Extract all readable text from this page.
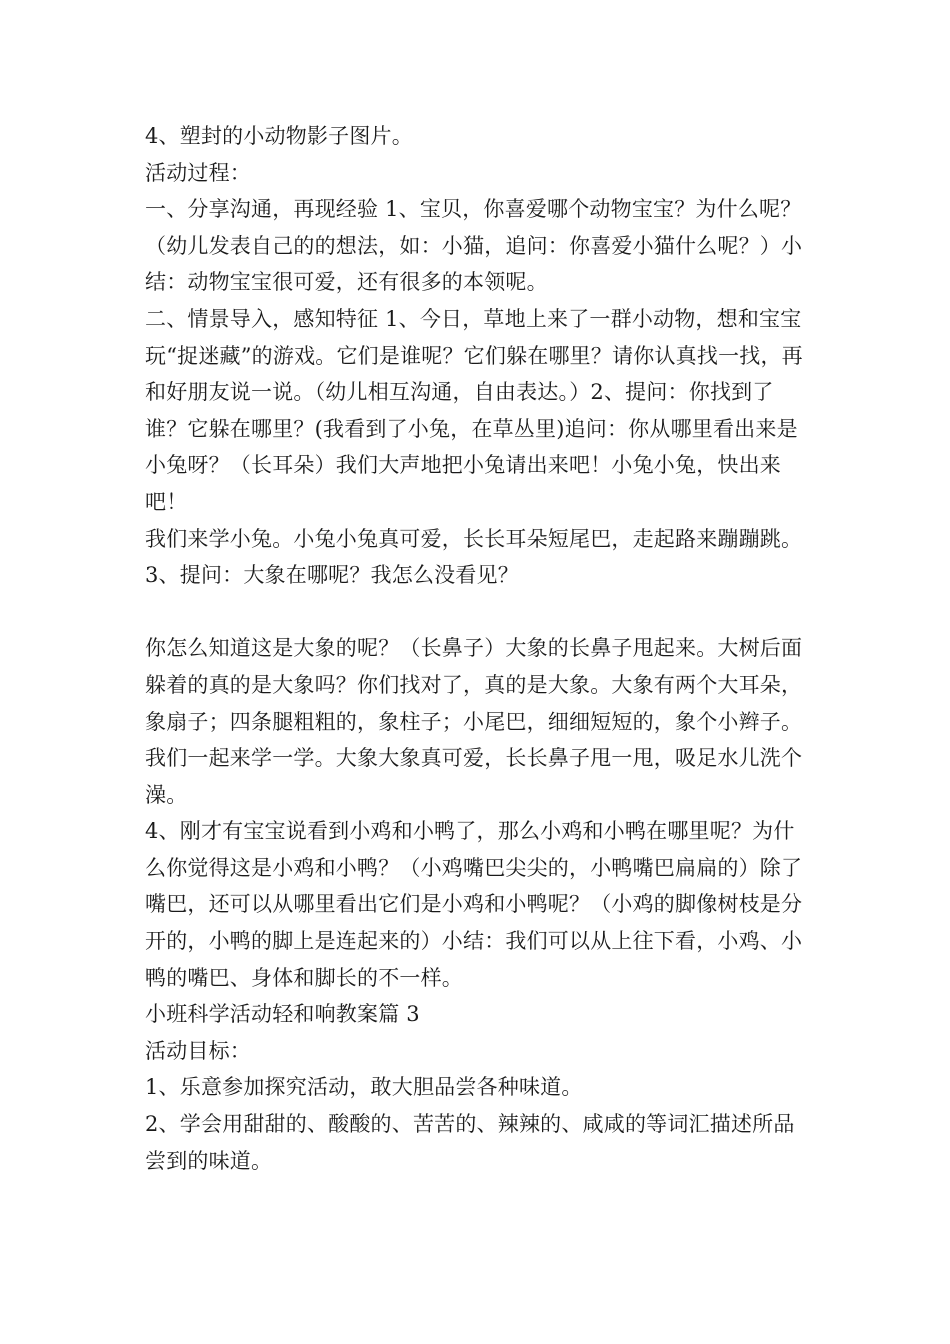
4、塑封的小动物影子图片。

活动过程：

一、分享沟通，再现经验 1、宝贝，你喜爱哪个动物宝宝？为什么呢？（幼儿发表自己的的想法，如：小猫，追问：你喜爱小猫什么呢？）小结：动物宝宝很可爱，还有很多的本领呢。

二、情景导入，感知特征 1、今日，草地上来了一群小动物，想和宝宝玩“捉迷藏”的游戏。它们是谁呢？它们躲在哪里？请你认真找一找，再和好朋友说一说。（幼儿相互沟通，自由表达。）2、提问：你找到了谁？它躲在哪里？(我看到了小兔，在草丛里)追问：你从哪里看出来是小兔呀？（长耳朵）我们大声地把小兔请出来吧！小兔小兔，快出来吧！

我们来学小兔。小兔小兔真可爱，长长耳朵短尾巴，走起路来蹦蹦跳。

3、提问：大象在哪呢？我怎么没看见？

你怎么知道这是大象的呢？（长鼻子）大象的长鼻子甩起来。大树后面躲着的真的是大象吗？你们找对了，真的是大象。大象有两个大耳朵，象扇子；四条腿粗粗的，象柱子；小尾巴，细细短短的，象个小辫子。我们一起来学一学。大象大象真可爱，长长鼻子甩一甩，吸足水儿洗个澡。

4、刚才有宝宝说看到小鸡和小鸭了，那么小鸡和小鸭在哪里呢？为什么你觉得这是小鸡和小鸭？（小鸡嘴巴尖尖的，小鸭嘴巴扁扁的）除了嘴巴，还可以从哪里看出它们是小鸡和小鸭呢？（小鸡的脚像树枝是分开的，小鸭的脚上是连起来的）小结：我们可以从上往下看，小鸡、小鸭的嘴巴、身体和脚长的不一样。

小班科学活动轻和响教案篇 3

活动目标：

1、乐意参加探究活动，敢大胆品尝各种味道。

2、学会用甜甜的、酸酸的、苦苦的、辣辣的、咸咸的等词汇描述所品尝到的味道。
